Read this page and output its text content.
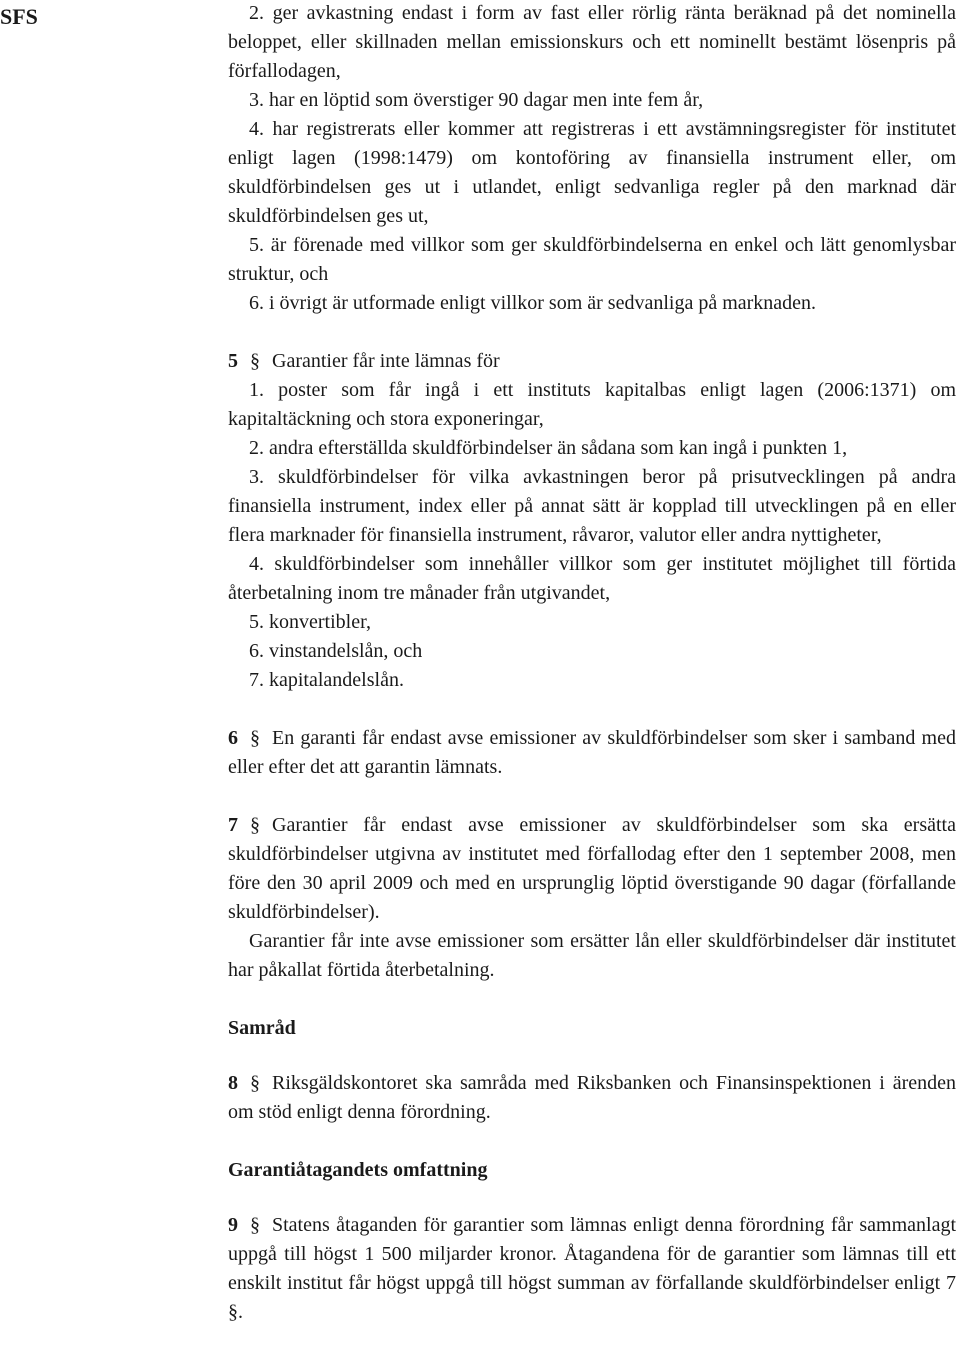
SFS	2. ger avkastning endast i form av fast eller rörlig ränta beräknad på det nominella beloppet, eller skillnaden mellan emissionskurs och ett nominellt bestämt lösenpris på förfallodagen,

3. har en löptid som överstiger 90 dagar men inte fem år,

4. har registrerats eller kommer att registreras i ett avstämningsregister för institutet enligt lagen (1998:1479) om kontoföring av finansiella instrument eller, om skuldförbindelsen ges ut i utlandet, enligt sedvanliga regler på den marknad där skuldförbindelsen ges ut,

5. är förenade med villkor som ger skuldförbindelserna en enkel och lätt genomlysbar struktur, och

6. i övrigt är utformade enligt villkor som är sedvanliga på marknaden.

5 § Garantier får inte lämnas för

1. poster som får ingå i ett instituts kapitalbas enligt lagen (2006:1371) om kapitaltäckning och stora exponeringar,

2. andra efterställda skuldförbindelser än sådana som kan ingå i punkten 1,

3. skuldförbindelser för vilka avkastningen beror på prisutvecklingen på andra finansiella instrument, index eller på annat sätt är kopplad till utvecklingen på en eller flera marknader för finansiella instrument, råvaror, valutor eller andra nyttigheter,

4. skuldförbindelser som innehåller villkor som ger institutet möjlighet till förtida återbetalning inom tre månader från utgivandet,

5. konvertibler,

6. vinstandelslån, och

7. kapitalandelslån.

6 § En garanti får endast avse emissioner av skuldförbindelser som sker i samband med eller efter det att garantin lämnats.

7 § Garantier får endast avse emissioner av skuldförbindelser som ska ersätta skuldförbindelser utgivna av institutet med förfallodag efter den 1 september 2008, men före den 30 april 2009 och med en ursprunglig löptid överstigande 90 dagar (förfallande skuldförbindelser).

Garantier får inte avse emissioner som ersätter lån eller skuldförbindelser där institutet har påkallat förtida återbetalning.

Samråd

8 § Riksgäldskontoret ska samråda med Riksbanken och Finansinspektionen i ärenden om stöd enligt denna förordning.

Garantiåtagandets omfattning

9 § Statens åtaganden för garantier som lämnas enligt denna förordning får sammanlagt uppgå till högst 1 500 miljarder kronor. Åtagandena för de garantier som lämnas till ett enskilt institut får högst uppgå till högst summan av förfallande skuldförbindelser enligt 7 §.
